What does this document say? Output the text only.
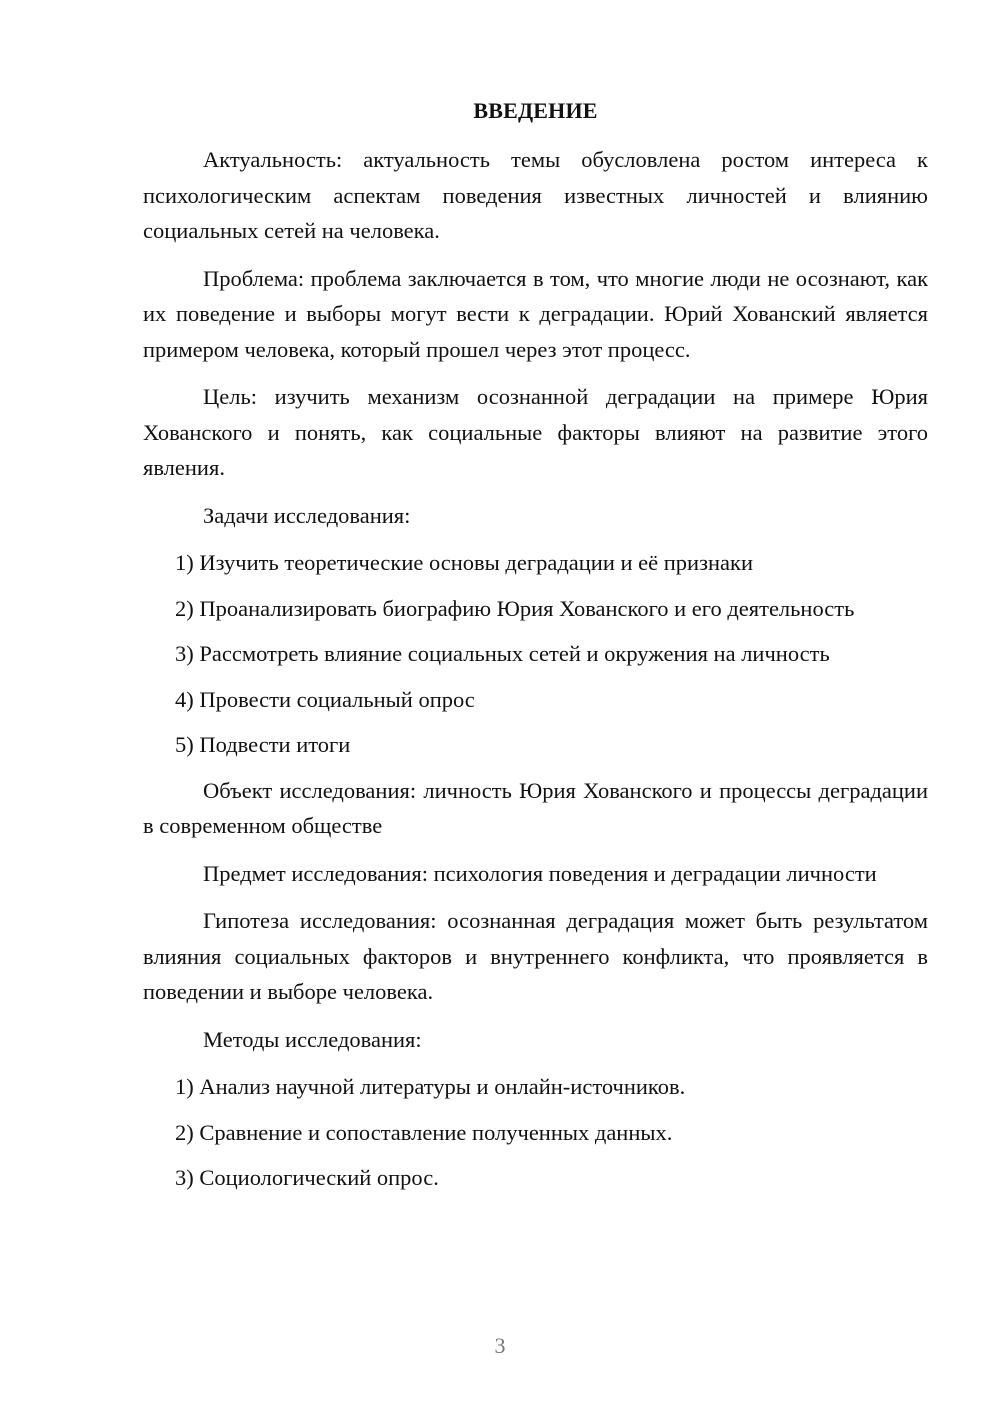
ВВЕДЕНИЕ

Актуальность: актуальность темы обусловлена ростом интереса к психологическим аспектам поведения известных личностей и влиянию социальных сетей на человека.

Проблема: проблема заключается в том, что многие люди не осознают, как их поведение и выборы могут вести к деградации. Юрий Хованский является примером человека, который прошел через этот процесс.

Цель: изучить механизм осознанной деградации на примере Юрия Хованского и понять, как социальные факторы влияют на развитие этого явления.

Задачи исследования:

1) Изучить теоретические основы деградации и её признаки

2) Проанализировать биографию Юрия Хованского и его деятельность

3) Рассмотреть влияние социальных сетей и окружения на личность

4) Провести социальный опрос

5) Подвести итоги

Объект исследования: личность Юрия Хованского и процессы деградации в современном обществе

Предмет исследования: психология поведения и деградации личности

Гипотеза исследования: осознанная деградация может быть результатом влияния социальных факторов и внутреннего конфликта, что проявляется в поведении и выборе человека.

Методы исследования:

1) Анализ научной литературы и онлайн-источников.

2) Сравнение и сопоставление полученных данных.

3) Социологический опрос.

3
